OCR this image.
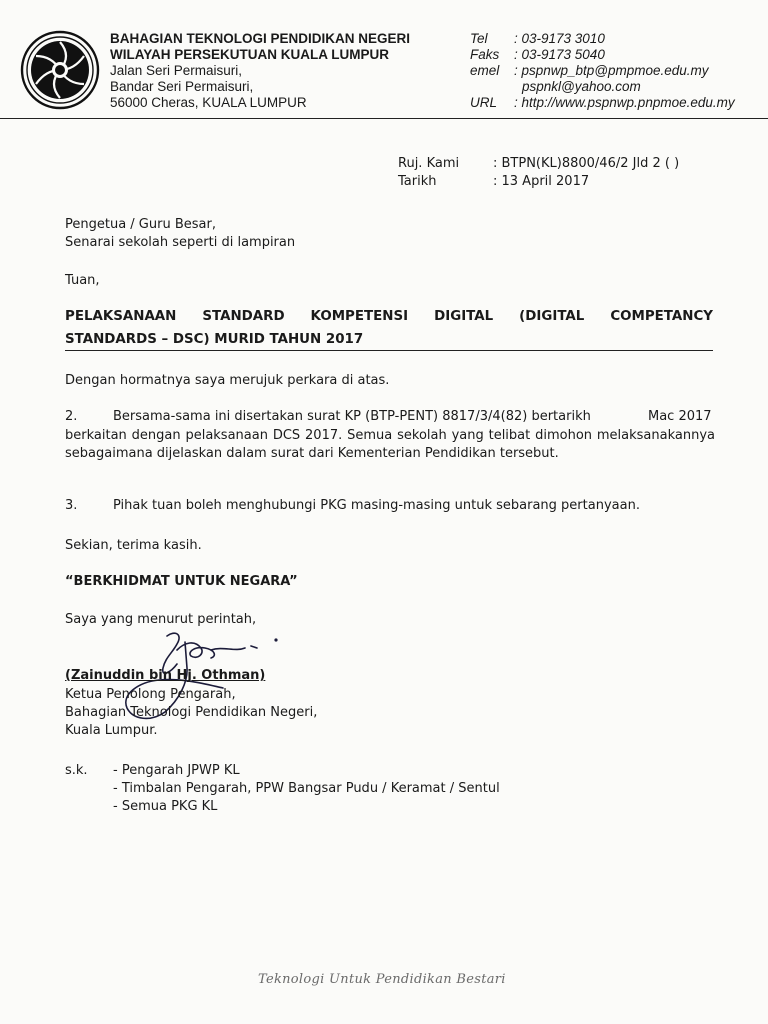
BAHAGIAN TEKNOLOGI PENDIDIKAN NEGERI
WILAYAH PERSEKUTUAN KUALA LUMPUR
Jalan Seri Permaisuri,
Bandar Seri Permaisuri,
56000 Cheras, KUALA LUMPUR
Tel : 03-9173 3010
Faks : 03-9173 5040
emel : pspnwp_btp@pmpmoe.edu.my
pspnkl@yahoo.com
URL : http://www.pspnwp.pnpmoe.edu.my
Ruj. Kami	: BTPN(KL)8800/46/2 Jld 2 ( )
Tarikh	: 13 April 2017
Pengetua / Guru Besar,
Senarai sekolah seperti di lampiran
Tuan,
PELAKSANAAN STANDARD KOMPETENSI DIGITAL (DIGITAL COMPETANCY
STANDARDS – DSC) MURID TAHUN 2017
Dengan hormatnya saya merujuk perkara di atas.
2.	Bersama-sama ini disertakan surat KP (BTP-PENT) 8817/3/4(82) bertarikh	Mac 2017
berkaitan dengan pelaksanaan DCS 2017. Semua sekolah yang telibat dimohon melaksanakannya sebagaimana dijelaskan dalam surat dari Kementerian Pendidikan tersebut.
3.	Pihak tuan boleh menghubungi PKG masing-masing untuk sebarang pertanyaan.
Sekian, terima kasih.
“BERKHIDMAT UNTUK NEGARA”
Saya yang menurut perintah,
(Zainuddin bin Hj. Othman)
Ketua Penolong Pengarah,
Bahagian Teknologi Pendidikan Negeri,
Kuala Lumpur.
s.k. - Pengarah JPWP KL
- Timbalan Pengarah, PPW Bangsar Pudu / Keramat / Sentul
- Semua PKG KL
Teknologi Untuk Pendidikan Bestari
